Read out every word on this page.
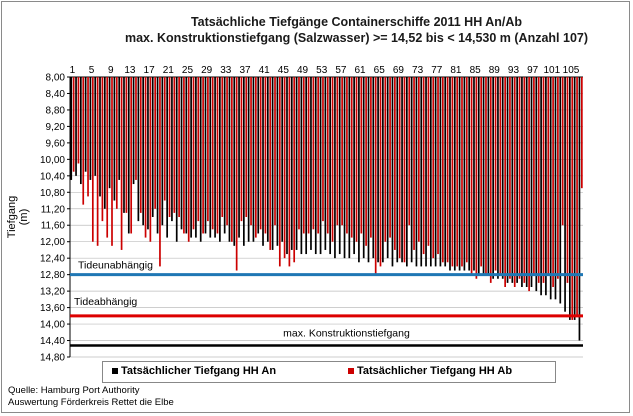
Tatsächliche Tiefgänge Containerschiffe 2011 HH An/Ab
max. Konstruktionstiefgang (Salzwasser) >= 14,52 bis < 14,530 m (Anzahl 107)
Tiefgang (m)
8,00
8,40
8,80
9,20
9,60
10,00
10,40
10,80
11,20
11,60
12,00
12,40
12,80
13,20
13,60
14,00
14,40
14,80
1 5 9 13 17 21 25 29 33 37 41 45 49 53 57 61 65 69 73 77 81 85 89 93 97 101 105
Tideunabhängig
Tideabhängig
max. Konstruktionstiefgang
Tatsächlicher Tiefgang HH An	Tatsächlicher Tiefgang HH Ab
Quelle: Hamburg Port Authority
Auswertung Förderkreis Rettet die Elbe
